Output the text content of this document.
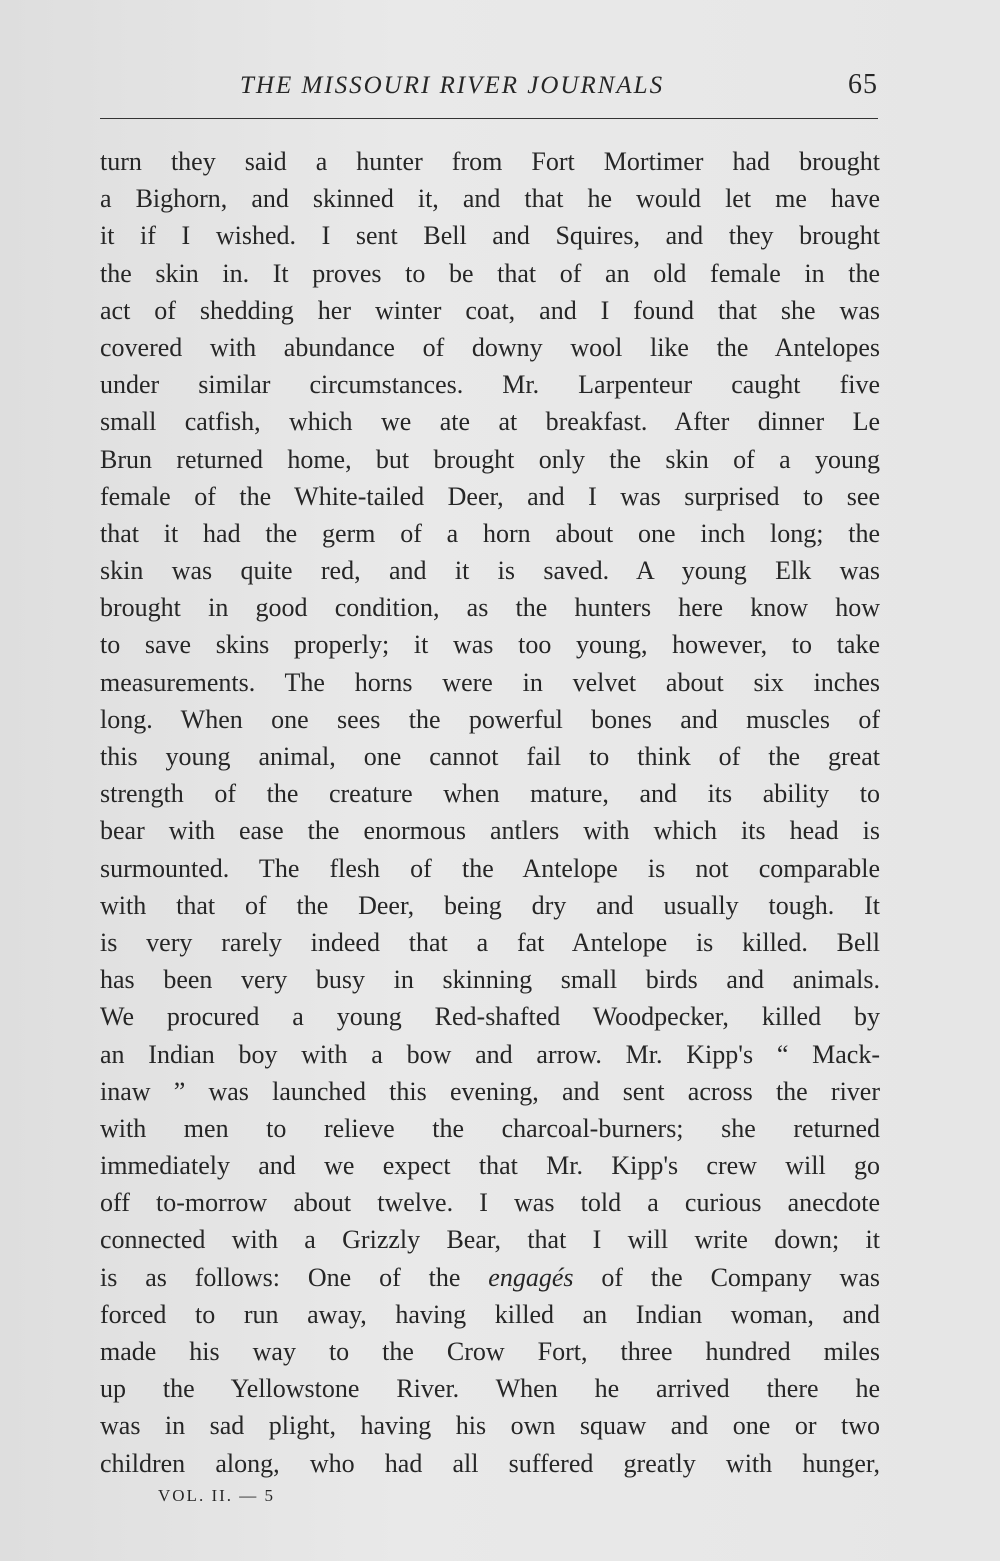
THE MISSOURI RIVER JOURNALS	65
turn they said a hunter from Fort Mortimer had brought
a Bighorn, and skinned it, and that he would let me have
it if I wished. I sent Bell and Squires, and they brought
the skin in. It proves to be that of an old female in the
act of shedding her winter coat, and I found that she was
covered with abundance of downy wool like the Antelopes
under similar circumstances. Mr. Larpenteur caught five
small catfish, which we ate at breakfast. After dinner Le
Brun returned home, but brought only the skin of a young
female of the White-tailed Deer, and I was surprised to see
that it had the germ of a horn about one inch long; the
skin was quite red, and it is saved. A young Elk was
brought in good condition, as the hunters here know how
to save skins properly; it was too young, however, to take
measurements. The horns were in velvet about six inches
long. When one sees the powerful bones and muscles of
this young animal, one cannot fail to think of the great
strength of the creature when mature, and its ability to
bear with ease the enormous antlers with which its head is
surmounted. The flesh of the Antelope is not comparable
with that of the Deer, being dry and usually tough. It
is very rarely indeed that a fat Antelope is killed. Bell
has been very busy in skinning small birds and animals.
We procured a young Red-shafted Woodpecker, killed by
an Indian boy with a bow and arrow. Mr. Kipp's “ Mack-
inaw ” was launched this evening, and sent across the river
with men to relieve the charcoal-burners; she returned
immediately and we expect that Mr. Kipp's crew will go
off to-morrow about twelve. I was told a curious anecdote
connected with a Grizzly Bear, that I will write down; it
is as follows: One of the engagés of the Company was
forced to run away, having killed an Indian woman, and
made his way to the Crow Fort, three hundred miles
up the Yellowstone River. When he arrived there he
was in sad plight, having his own squaw and one or two
children along, who had all suffered greatly with hunger,
VOL. II. — 5
